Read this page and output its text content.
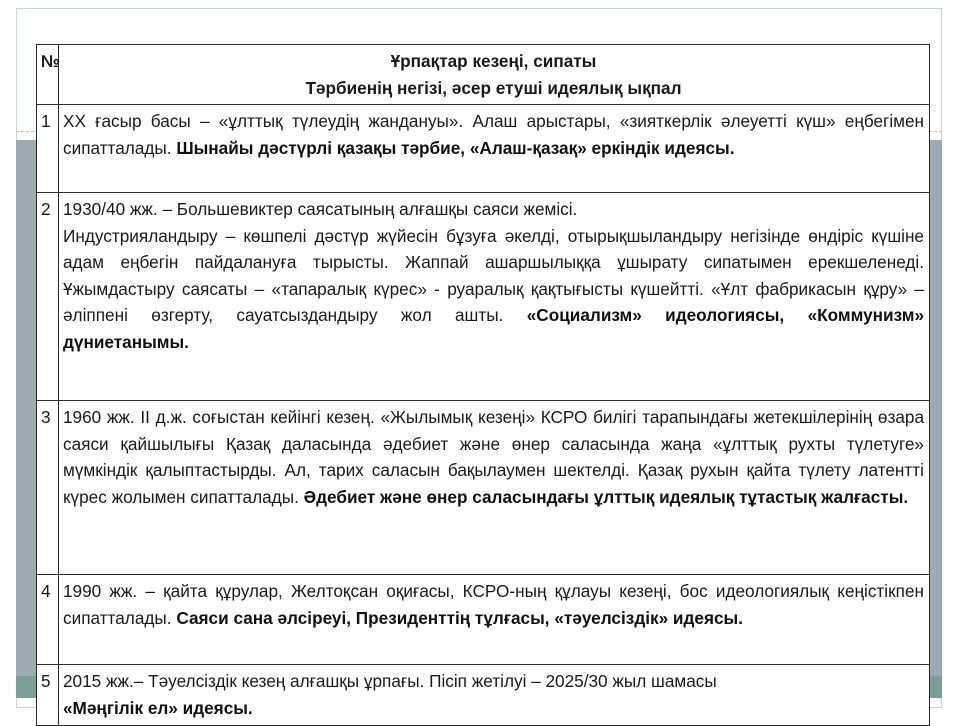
№	Ұрпақтар кезеңі, сипаты
Тәрбиенің негізі, әсер етуші идеялық ықпал

1	ХХ ғасыр басы – «ұлттық түлеудің жандануы». Алаш арыстары, «зияткерлік әлеуетті күш» еңбегімен сипатталады. Шынайы дәстүрлі қазақы тәрбие, «Алаш-қазақ» еркіндік идеясы.
2	1930/40 жж. – Большевиктер саясатының алғашқы саяси жемісі.
Индустрияландыру – көшпелі дәстүр жүйесін бұзуға әкелді, отырықшыландыру негізінде өндіріс күшіне адам еңбегін пайдалануға тырысты. Жаппай ашаршылыққа ұшырату сипатымен ерекшеленеді. Ұжымдастыру саясаты – «тапаралық күрес» - руаралық қақтығысты күшейтті. «Ұлт фабрикасын құру» – әліппені өзгерту, сауатсыздандыру жол ашты. «Социализм» идеологиясы, «Коммунизм» дүниетанымы.
3	1960 жж. ІІ д.ж. соғыстан кейінгі кезең. «Жылымық кезеңі» КСРО билігі тарапындағы жетекшілерінің өзара саяси қайшылығы Қазақ даласында әдебиет және өнер саласында жаңа «ұлттық рухты түлетуге» мүмкіндік қалыптастырды. Ал, тарих саласын бақылаумен шектелді. Қазақ рухын қайта түлету латентті күрес жолымен сипатталады. Әдебиет және өнер саласындағы ұлттық идеялық тұтастық жалғасты.
4	1990 жж. – қайта құрулар, Желтоқсан оқиғасы, КСРО-ның құлауы кезеңі, бос идеологиялық кеңістікпен сипатталады. Саяси сана әлсіреуі, Президенттің тұлғасы, «тәуелсіздік» идеясы.
5	2015 жж.– Тәуелсіздік кезең алғашқы ұрпағы. Пісіп жетілуі – 2025/30 жыл шамасы
«Мәңгілік ел» идеясы.
